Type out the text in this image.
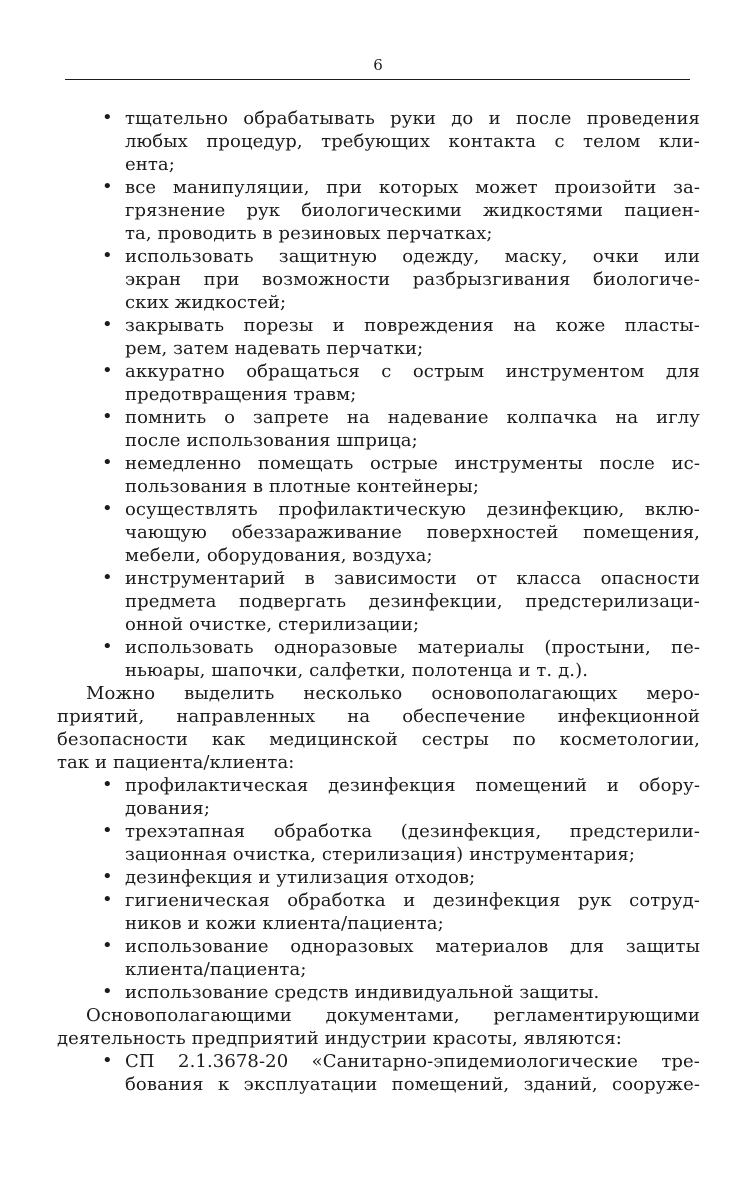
6
• тщательно обрабатывать руки до и после проведения
любых процедур, требующих контакта с телом кли-
ента;
• все манипуляции, при которых может произойти за-
грязнение рук биологическими жидкостями пациен-
та, проводить в резиновых перчатках;
• использовать защитную одежду, маску, очки или
экран при возможности разбрызгивания биологиче-
ских жидкостей;
• закрывать порезы и повреждения на коже пласты-
рем, затем надевать перчатки;
• аккуратно обращаться с острым инструментом для
предотвращения травм;
• помнить о запрете на надевание колпачка на иглу
после использования шприца;
• немедленно помещать острые инструменты после ис-
пользования в плотные контейнеры;
• осуществлять профилактическую дезинфекцию, вклю-
чающую обеззараживание поверхностей помещения,
мебели, оборудования, воздуха;
• инструментарий в зависимости от класса опасности
предмета подвергать дезинфекции, предстерилизаци-
онной очистке, стерилизации;
• использовать одноразовые материалы (простыни, пе-
ньюары, шапочки, салфетки, полотенца и т. д.).
Можно выделить несколько основополагающих меро-
приятий, направленных на обеспечение инфекционной
безопасности как медицинской сестры по косметологии,
так и пациента/клиента:
• профилактическая дезинфекция помещений и обору-
дования;
• трехэтапная обработка (дезинфекция, предстерили-
зационная очистка, стерилизация) инструментария;
• дезинфекция и утилизация отходов;
• гигиеническая обработка и дезинфекция рук сотруд-
ников и кожи клиента/пациента;
• использование одноразовых материалов для защиты
клиента/пациента;
• использование средств индивидуальной защиты.
Основополагающими документами, регламентирующими
деятельность предприятий индустрии красоты, являются:
• СП 2.1.3678-20 «Санитарно-эпидемиологические тре-
бования к эксплуатации помещений, зданий, сооруже-
